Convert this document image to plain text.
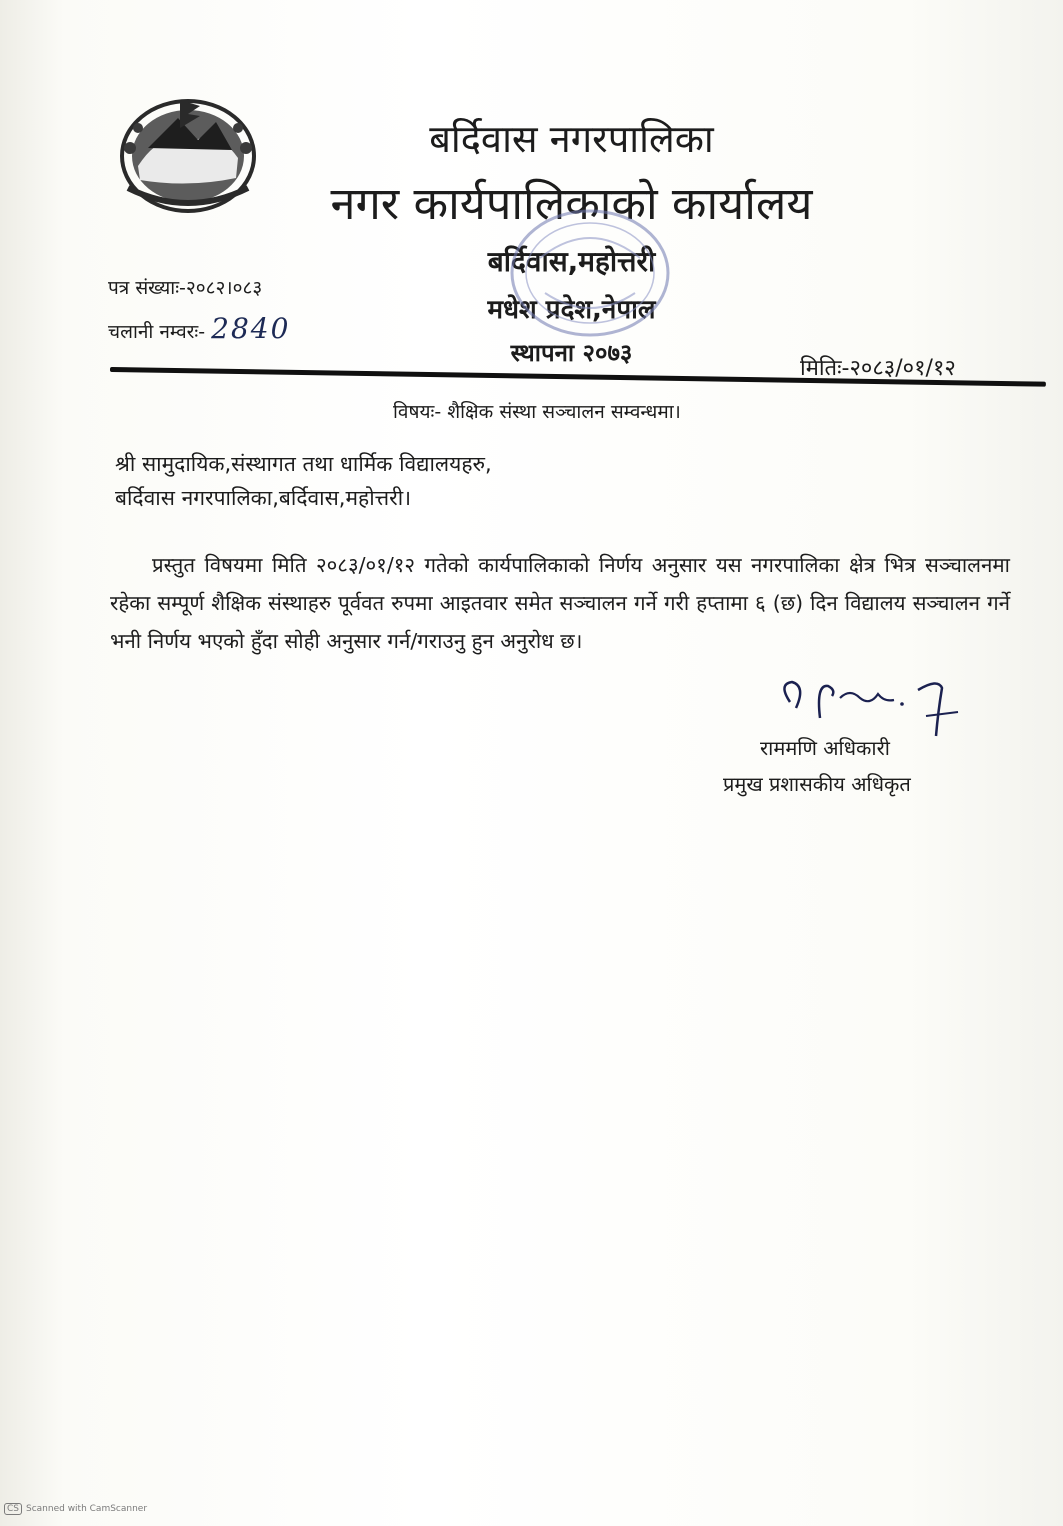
बर्दिवास नगरपालिका
नगर कार्यपालिकाको कार्यालय
बर्दिवास,महोत्तरी
मधेश प्रदेश,नेपाल
स्थापना २०७३
पत्र संख्याः-२०८२।०८३
चलानी नम्वरः- 2840
मितिः-२०८३/०१/१२
विषयः- शैक्षिक संस्था सञ्चालन सम्वन्धमा।
श्री सामुदायिक,संस्थागत तथा धार्मिक विद्यालयहरु,
बर्दिवास नगरपालिका,बर्दिवास,महोत्तरी।
प्रस्तुत विषयमा मिति २०८३/०१/१२ गतेको कार्यपालिकाको निर्णय अनुसार यस नगरपालिका क्षेत्र भित्र सञ्चालनमा रहेका सम्पूर्ण शैक्षिक संस्थाहरु पूर्ववत रुपमा आइतवार समेत सञ्चालन गर्ने गरी हप्तामा ६ (छ) दिन विद्यालय सञ्चालन गर्ने भनी निर्णय भएको हुँदा सोही अनुसार गर्न/गराउनु हुन अनुरोध छ।
राममणि अधिकारी
प्रमुख प्रशासकीय अधिकृत
CS Scanned with CamScanner
